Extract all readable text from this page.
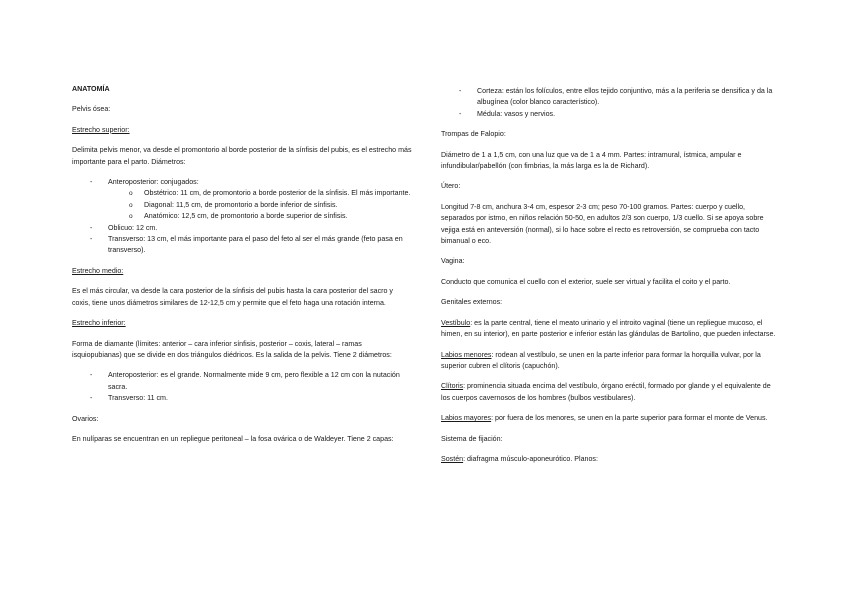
ANATOMÍA

Pelvis ósea:

Estrecho superior:

Delimita pelvis menor, va desde el promontorio al borde posterior de la sínfisis del pubis, es el estrecho más importante para el parto. Diámetros:

- Anteroposterior: conjugados:
o Obstétrico: 11 cm, de promontorio a borde posterior de la sínfisis. El más importante.
o Diagonal: 11,5 cm, de promontorio a borde inferior de sínfisis.
o Anatómico: 12,5 cm, de promontorio a borde superior de sínfisis.
- Oblicuo: 12 cm.
- Transverso: 13 cm, el más importante para el paso del feto al ser el más grande (feto pasa en transverso).

Estrecho medio:

Es el más circular, va desde la cara posterior de la sínfisis del pubis hasta la cara posterior del sacro y coxis, tiene unos diámetros similares de 12-12,5 cm y permite que el feto haga una rotación interna.

Estrecho inferior:

Forma de diamante (límites: anterior – cara inferior sínfisis, posterior – coxis, lateral – ramas isquiopubianas) que se divide en dos triángulos diédricos. Es la salida de la pelvis. Tiene 2 diámetros:

- Anteroposterior: es el grande. Normalmente mide 9 cm, pero flexible a 12 cm con la nutación sacra.
- Transverso: 11 cm.

Ovarios:

En nulíparas se encuentran en un repliegue peritoneal – la fosa ovárica o de Waldeyer. Tiene 2 capas:

- Corteza: están los folículos, entre ellos tejido conjuntivo, más a la periferia se densifica y da la albugínea (color blanco característico).
- Médula: vasos y nervios.

Trompas de Falopio:

Diámetro de 1 a 1,5 cm, con una luz que va de 1 a 4 mm. Partes: intramural, ístmica, ampular e infundibular/pabellón (con fimbrias, la más larga es la de Richard).

Útero:

Longitud 7-8 cm, anchura 3-4 cm, espesor 2-3 cm; peso 70-100 gramos. Partes: cuerpo y cuello, separados por istmo, en niños relación 50-50, en adultos 2/3 son cuerpo, 1/3 cuello. Si se apoya sobre vejiga está en anteversión (normal), si lo hace sobre el recto es retroversión, se comprueba con tacto bimanual o eco.

Vagina:

Conducto que comunica el cuello con el exterior, suele ser virtual y facilita el coito y el parto.

Genitales externos:

Vestíbulo: es la parte central, tiene el meato urinario y el introito vaginal (tiene un repliegue mucoso, el himen, en su interior), en parte posterior e inferior están las glándulas de Bartolino, que pueden infectarse.

Labios menores: rodean al vestíbulo, se unen en la parte inferior para formar la horquilla vulvar, por la superior cubren el clítoris (capuchón).

Clítoris: prominencia situada encima del vestíbulo, órgano eréctil, formado por glande y el equivalente de los cuerpos cavernosos de los hombres (bulbos vestibulares).

Labios mayores: por fuera de los menores, se unen en la parte superior para formar el monte de Venus.

Sistema de fijación:

Sostén: diafragma músculo-aponeurótico. Planos:
